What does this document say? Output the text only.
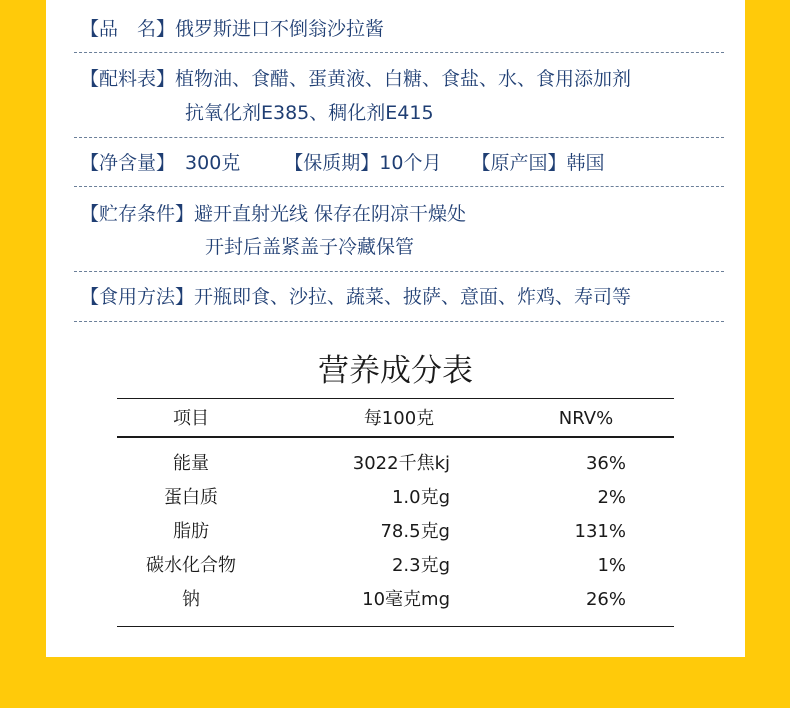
【品　名】俄罗斯进口不倒翁沙拉酱
【配料表】植物油、食醋、蛋黄液、白糖、食盐、水、食用添加剂
抗氧化剂E385、稠化剂E415
【净含量】 300克 【保质期】10个月 【原产国】韩国
【贮存条件】避开直射光线 保存在阴凉干燥处
开封后盖紧盖子冷藏保管
【食用方法】开瓶即食、沙拉、蔬菜、披萨、意面、炸鸡、寿司等
营养成分表
项目	每100克	NRV%
能量	3022千焦kj	36%
蛋白质	1.0克g	2%
脂肪	78.5克g	131%
碳水化合物	2.3克g	1%
钠	10毫克mg	26%
